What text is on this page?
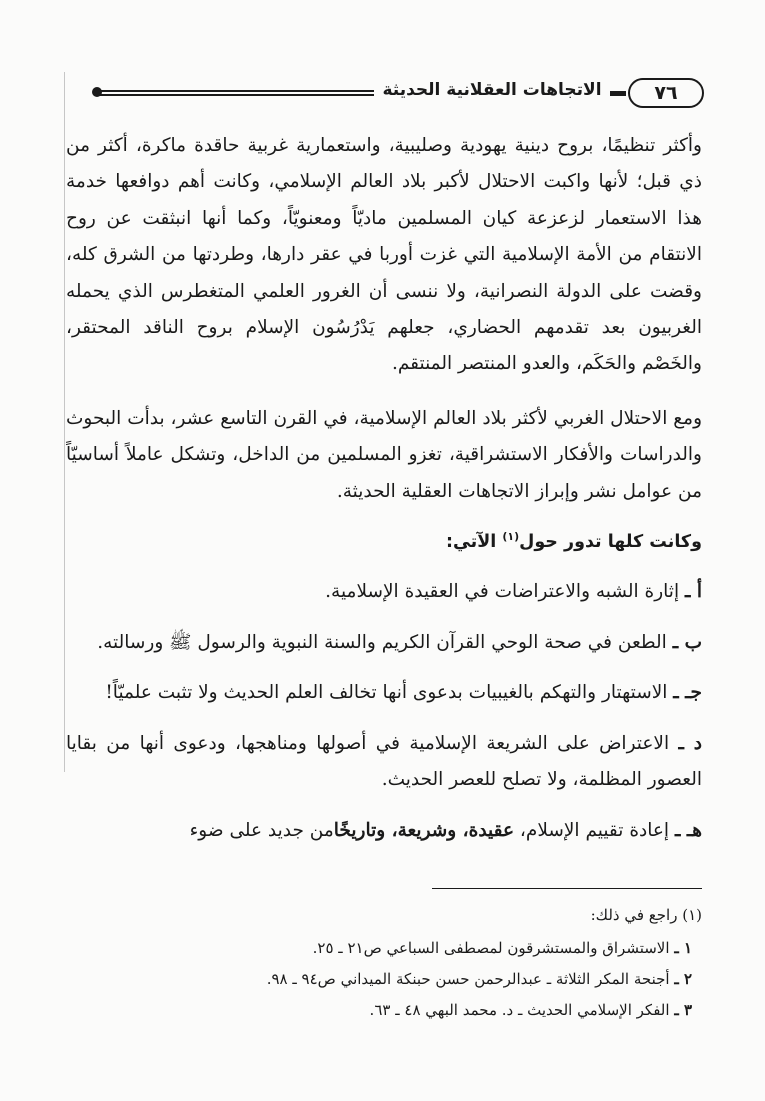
٧٦
الاتجاهات العقلانية الحديثة

وأكثر تنظيمًا، بروح دينية يهودية وصليبية، واستعمارية غربية حاقدة ماكرة، أكثر من ذي قبل؛ لأنها واكبت الاحتلال لأكبر بلاد العالم الإسلامي، وكانت أهم دوافعها خدمة هذا الاستعمار لزعزعة كيان المسلمين ماديّاً ومعنويّاً، وكما أنها انبثقت عن روح الانتقام من الأمة الإسلامية التي غزت أوربا في عقر دارها، وطردتها من الشرق كله، وقضت على الدولة النصرانية، ولا ننسى أن الغرور العلمي المتغطرس الذي يحمله الغربيون بعد تقدمهم الحضاري، جعلهم يَدْرُسُون الإسلام بروح الناقد المحتقر، والخَصْم والحَكَم، والعدو المنتصر المنتقم.

ومع الاحتلال الغربي لأكثر بلاد العالم الإسلامية، في القرن التاسع عشر، بدأت البحوث والدراسات والأفكار الاستشراقية، تغزو المسلمين من الداخل، وتشكل عاملاً أساسيّاً من عوامل نشر وإبراز الاتجاهات العقلية الحديثة.

وكانت كلها تدور حول$^{(١)}$ الآتي:

أ ـ إثارة الشبه والاعتراضات في العقيدة الإسلامية.

ب ـ الطعن في صحة الوحي القرآن الكريم والسنة النبوية والرسول ﷺ ورسالته.

جـ ـ الاستهتار والتهكم بالغيبيات بدعوى أنها تخالف العلم الحديث ولا تثبت علميّاً!

د ـ الاعتراض على الشريعة الإسلامية في أصولها ومناهجها، ودعوى أنها من بقايا العصور المظلمة، ولا تصلح للعصر الحديث.

هـ ـ إعادة تقييم الإسلام، عقيدة، وشريعة، وتاريخًامن جديد على ضوء

(١) راجع في ذلك:

١ ـ الاستشراق والمستشرقون لمصطفى السباعي ص٢١ ـ ٢٥.

٢ ـ أجنحة المكر الثلاثة ـ عبدالرحمن حسن حبنكة الميداني ص٩٤ ـ ٩٨.

٣ ـ الفكر الإسلامي الحديث ـ د. محمد البهي ٤٨ ـ ٦٣.
